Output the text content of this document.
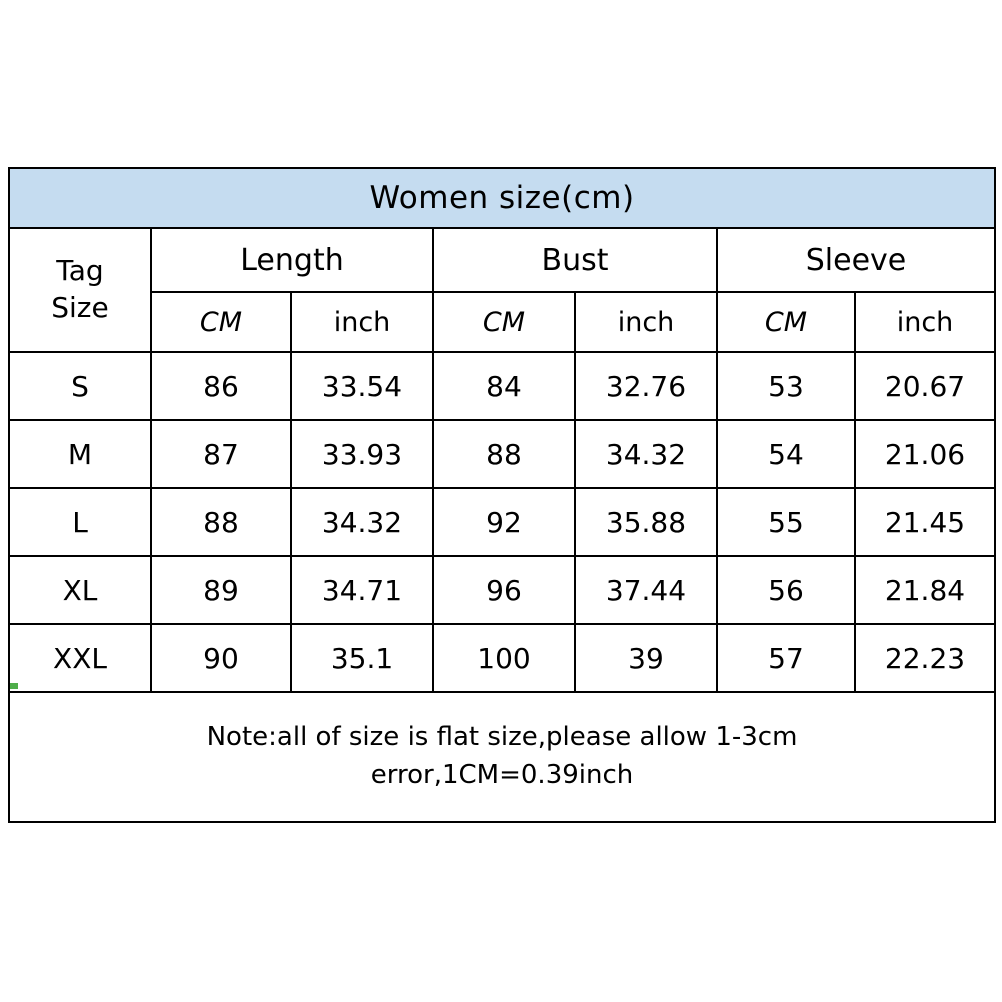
Women size(cm)						

Tag
Size	Length		Bust		Sleeve	
	CM	inch	CM	inch	CM	inch
S	86	33.54	84	32.76	53	20.67
M	87	33.93	88	34.32	54	21.06
L	88	34.32	92	35.88	55	21.45
XL	89	34.71	96	37.44	56	21.84
XXL	90	35.1	100	39	57	22.23

Note:all of size is flat size,please allow 1-3cm
error,1CM=0.39inch						
